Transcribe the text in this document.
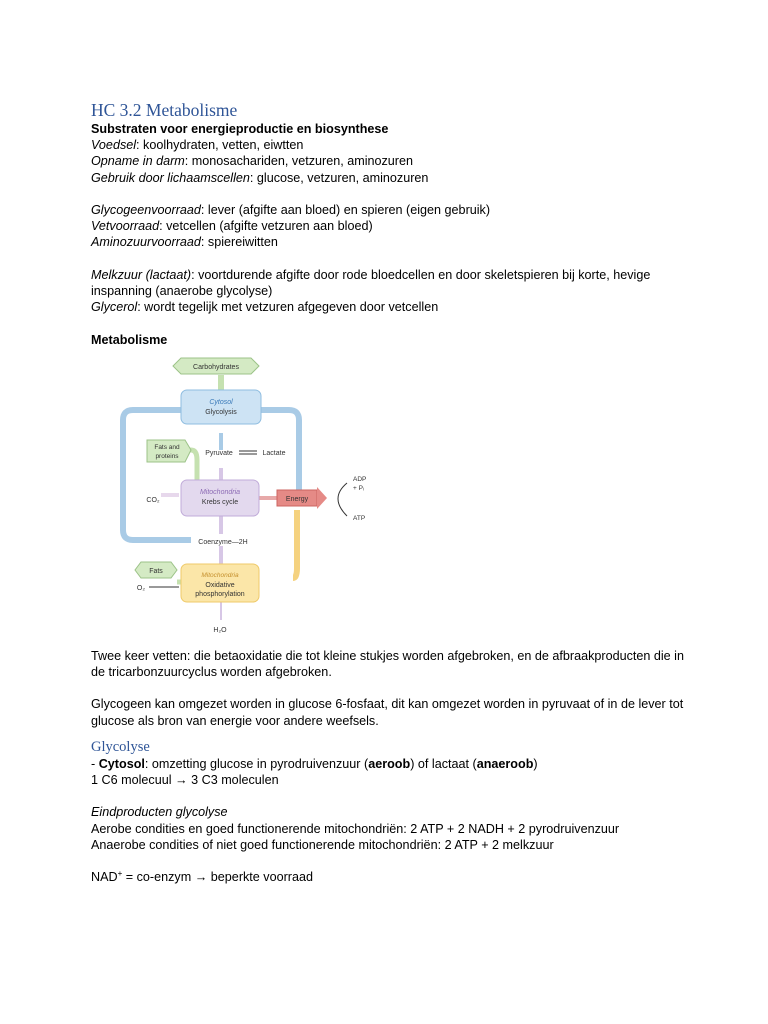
HC 3.2 Metabolisme

Substraten voor energieproductie en biosynthese

Voedsel: koolhydraten, vetten, eiwtten

Opname in darm: monosachariden, vetzuren, aminozuren

Gebruik door lichaamscellen: glucose, vetzuren, aminozuren

Glycogeenvoorraad: lever (afgifte aan bloed) en spieren (eigen gebruik)

Vetvoorraad: vetcellen (afgifte vetzuren aan bloed)

Aminozuurvoorraad: spiereiwitten

Melkzuur (lactaat): voortdurende afgifte door rode bloedcellen en door skeletspieren bij korte, hevige inspanning (anaerobe glycolyse)

Glycerol: wordt tegelijk met vetzuren afgegeven door vetcellen

Metabolisme

Carbohydrates
Cytosol
Glycolysis
Fats and
proteins	Pyruvate	Lactate
Mitochondria
Krebs cycle
CO₂	Energy
ADP
+ Pᵢ
ATP
Coenzyme—2H
Fats
O₂
Mitochondria
Oxidative
phosphorylation
H₂O

Twee keer vetten: die betaoxidatie die tot kleine stukjes worden afgebroken, en de afbraakproducten die in de tricarbonzuurcyclus worden afgebroken.

Glycogeen kan omgezet worden in glucose 6-fosfaat, dit kan omgezet worden in pyruvaat of in de lever tot glucose als bron van energie voor andere weefsels.

Glycolyse

- Cytosol: omzetting glucose in pyrodruivenzuur (aeroob) of lactaat (anaeroob)

1 C6 molecuul → 3 C3 moleculen

Eindproducten glycolyse

Aerobe condities en goed functionerende mitochondriën: 2 ATP + 2 NADH + 2 pyrodruivenzuur

Anaerobe condities of niet goed functionerende mitochondriën: 2 ATP + 2 melkzuur

NAD+ = co-enzym → beperkte voorraad
